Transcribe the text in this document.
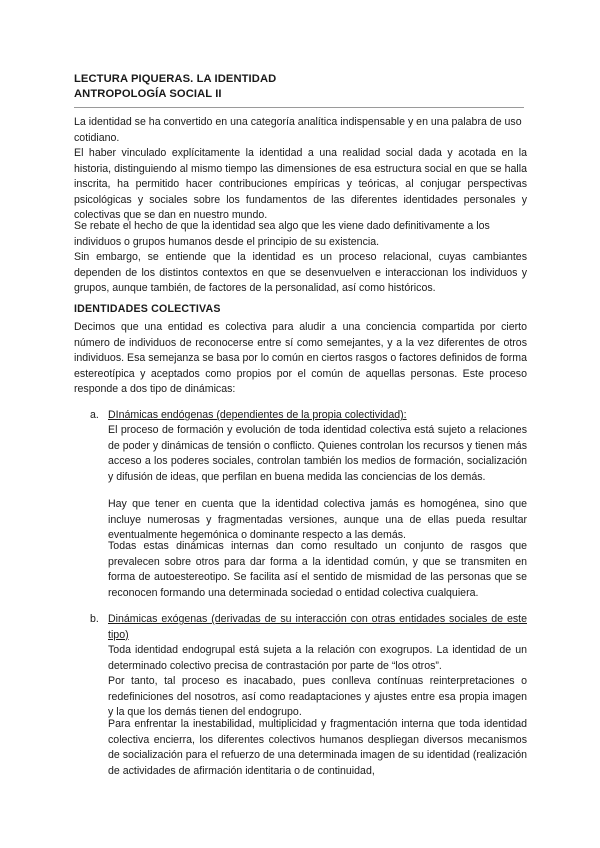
LECTURA PIQUERAS. LA IDENTIDAD
ANTROPOLOGÍA SOCIAL II

La identidad se ha convertido en una categoría analítica indispensable y en una palabra de uso cotidiano.

El haber vinculado explícitamente la identidad a una realidad social dada y acotada en la historia, distinguiendo al mismo tiempo las dimensiones de esa estructura social en que se halla inscrita, ha permitido hacer contribuciones empíricas y teóricas, al conjugar perspectivas psicológicas y sociales sobre los fundamentos de las diferentes identidades personales y colectivas que se dan en nuestro mundo.

Se rebate el hecho de que la identidad sea algo que les viene dado definitivamente a los individuos o grupos humanos desde el principio de su existencia.

Sin embargo, se entiende que la identidad es un proceso relacional, cuyas cambiantes dependen de los distintos contextos en que se desenvuelven e interaccionan los individuos y grupos, aunque también, de factores de la personalidad, así como históricos.

IDENTIDADES COLECTIVAS

Decimos que una entidad es colectiva para aludir a una conciencia compartida por cierto número de individuos de reconocerse entre sí como semejantes, y a la vez diferentes de otros individuos. Esa semejanza se basa por lo común en ciertos rasgos o factores definidos de forma estereotípica y aceptados como propios por el común de aquellas personas. Este proceso responde a dos tipo de dinámicas:

a. DInámicas endógenas (dependientes de la propia colectividad):

El proceso de formación y evolución de toda identidad colectiva está sujeto a relaciones de poder y dinámicas de tensión o conflicto. Quienes controlan los recursos y tienen más acceso a los poderes sociales, controlan también los medios de formación, socialización y difusión de ideas, que perfilan en buena medida las conciencias de los demás.

Hay que tener en cuenta que la identidad colectiva jamás es homogénea, sino que incluye numerosas y fragmentadas versiones, aunque una de ellas pueda resultar eventualmente hegemónica o dominante respecto a las demás.

Todas estas dinámicas internas dan como resultado un conjunto de rasgos que prevalecen sobre otros para dar forma a la identidad común, y que se transmiten en forma de autoestereotipo. Se facilita así el sentido de mismidad de las personas que se reconocen formando una determinada sociedad o entidad colectiva cualquiera.

b. Dinámicas exógenas (derivadas de su interacción con otras entidades sociales de este tipo)

Toda identidad endogrupal está sujeta a la relación con exogrupos. La identidad de un determinado colectivo precisa de contrastación por parte de “los otros”.

Por tanto, tal proceso es inacabado, pues conlleva contínuas reinterpretaciones o redefiniciones del nosotros, así como readaptaciones y ajustes entre esa propia imagen y la que los demás tienen del endogrupo.

Para enfrentar la inestabilidad, multiplicidad y fragmentación interna que toda identidad colectiva encierra, los diferentes colectivos humanos despliegan diversos mecanismos de socialización para el refuerzo de una determinada imagen de su identidad (realización de actividades de afirmación identitaria o de continuidad,
